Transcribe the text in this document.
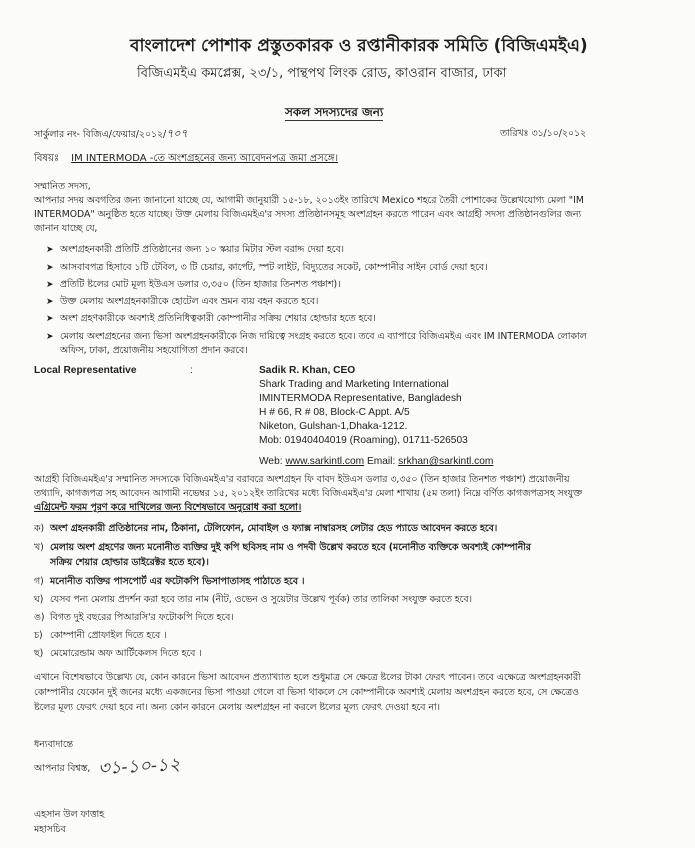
বাংলাদেশ পোশাক প্রস্তুতকারক ও রপ্তানীকারক সমিতি (বিজিএমইএ)
বিজিএমইএ কমপ্লেক্স, ২৩/১, পান্থপথ লিংক রোড, কাওরান বাজার, ঢাকা
সকল সদস্যদের জন্য
সার্কুলার নং- বিজিএ/ফেয়ার/২০১২/৭০৭	তারিখঃ ৩১/১০/২০১২
বিষয়ঃ IM INTERMODA -তে অংশগ্রহনের জন্য আবেদনপত্র জমা প্রসঙ্গে।
সম্মানিত সদস্য,
আপনার সদয় অবগতির জন্য জানানো যাচ্ছে যে, আগামী জানুয়ারী ১৫-১৮, ২০১৩ইং তারিখে Mexico শহরে তৈরী পোশাকের উল্লেখযোগ্য মেলা "IM
INTERMODA" অনুষ্ঠিত হতে যাচ্ছে। উক্ত মেলায় বিজিএমইএ'র সদস্য প্রতিষ্ঠানসমূহ অংশগ্রহন করতে পারেন এবং আগ্রহী সদস্য প্রতিষ্ঠানগুলির জন্য
জানান যাচ্ছে যে,
➤ অংশগ্রহনকারী প্রতিটি প্রতিষ্ঠানের জন্য ১০ স্কয়ার মিটার স্টল বরাদ্দ দেয়া হবে।
➤ আসবাবপত্র হিসাবে ১টি টেবিল, ৩ টি চেয়ার, কার্পেট, স্পট লাইট, বিদ্যুতের সকেট, কোম্পানীর সাইন বোর্ড দেয়া হবে।
➤ প্রতিটি ষ্টলের মোট মূল্য ইউএস ডলার ৩,৩৫০ (তিন হাজার তিনশত পঞ্চাশ)।
➤ উক্ত মেলায় অংশগ্রহনকারীকে হোটেল এবং ভ্রমন ব্যয় বহন করতে হবে।
➤ অংশ গ্রহণকারীকে অবশ্যই প্রতিনিধিত্বকারী কোম্পানীর সক্রিয় শেয়ার হোল্ডার হতে হবে।
➤ মেলায় অংশগ্রহনের জন্য ভিসা অংশগ্রহনকারীকে নিজ দায়িত্বে সংগ্রহ করতে হবে। তবে এ ব্যাপারে বিজিএমইএ এবং IM INTERMODA লোকাল
অফিস, ঢাকা, প্রয়োজনীয় সহযোগিতা প্রদান করবে।
Local Representative	:	Sadik R. Khan, CEO
Shark Trading and Marketing International
IMINTERMODA Representative, Bangladesh
H # 66, R # 08, Block-C Appt. A/5
Niketon, Gulshan-1,Dhaka-1212.
Mob: 01940404019 (Roaming), 01711-526503
Web: www.sarkintl.com Email: srkhan@sarkintl.com
আগ্রহী বিজিএমইএ'র সম্মানিত সদস্যকে বিজিএমইএ'র বরাবরে অংশগ্রহন ফি বাবদ ইউএস ডলার ৩,৩৫০ (তিন হাজার তিনশত পঞ্চাশ) প্রয়োজনীয়
তথ্যাদি, কাগজপত্র সহ আবেদন আগামী নভেম্বর ১৫, ২০১২ইং তারিখের মধ্যে বিজিএমইএ'র মেলা শাখায় (৫ম তলা) নিম্নে বর্ণিত কাগজপত্রসহ সংযুক্ত
এগ্রিমেন্ট ফরম পূরণ করে দাখিলের জন্য বিশেষভাবে অনুরোধ করা হলো।
ক) অংশ গ্রহনকারী প্রতিষ্ঠানের নাম, ঠিকানা, টেলিফোন, মোবাইল ও ফ্যাক্স নাম্বারসহ লেটার হেড প্যাডে আবেদন করতে হবে।
খ) মেলায় অংশ গ্রহণের জন্য মনোনীত ব্যক্তির দুই কপি ছবিসহ নাম ও পদবী উল্লেখ করতে হবে (মনোনীত ব্যক্তিকে অবশ্যই কোম্পানীর
সক্রিয় শেয়ার হোল্ডার ডাইরেক্টর হতে হবে)।
গ) মনোনীত ব্যক্তির পাসপোর্ট এর ফটোকপি ভিসাপাতাসহ পাঠাতে হবে ।
ঘ) যেসব পন্য মেলায় প্রদর্শন করা হবে তার নাম (নীট, ওভেন ও সুয়েটার উল্লেখ পূর্বক) তার তালিকা সংযুক্ত করতে হবে।
ঙ) বিগত দুই বছরের পিআরসি'র ফটোকপি দিতে হবে।
চ) কোম্পানী প্রোফাইল দিতে হবে ।
ছ) মেমোরেন্ডাম অফ আর্টিকেলস দিতে হবে ।
এখানে বিশেষভাবে উল্লেখ্য যে, কোন কারনে ভিসা আবেদন প্রত্যাখ্যাত হলে শুধুমাত্র সে ক্ষেত্রে ষ্টলের টাকা ফেরৎ পাবেন। তবে এক্ষেত্রে অংশগ্রহনকারী
কোম্পানীর যেকোন দুই জনের মধ্যে একজনের ভিসা পাওয়া গেলে বা ভিসা থাকলে সে কোম্পানীকে অবশ্যই মেলায় অংশগ্রহন করতে হবে, সে ক্ষেত্রেও
ষ্টলের মূল্য ফেরৎ দেয়া হবে না। অন্য কোন কারনে মেলায় অংশগ্রহন না করলে ষ্টলের মূল্য ফেরৎ দেওয়া হবে না।
ধন্যবাদান্তে
আপনার বিশ্বস্ত, ৩১-১০-১২
এহসান উল ফাত্তাহ
মহাসচিব
